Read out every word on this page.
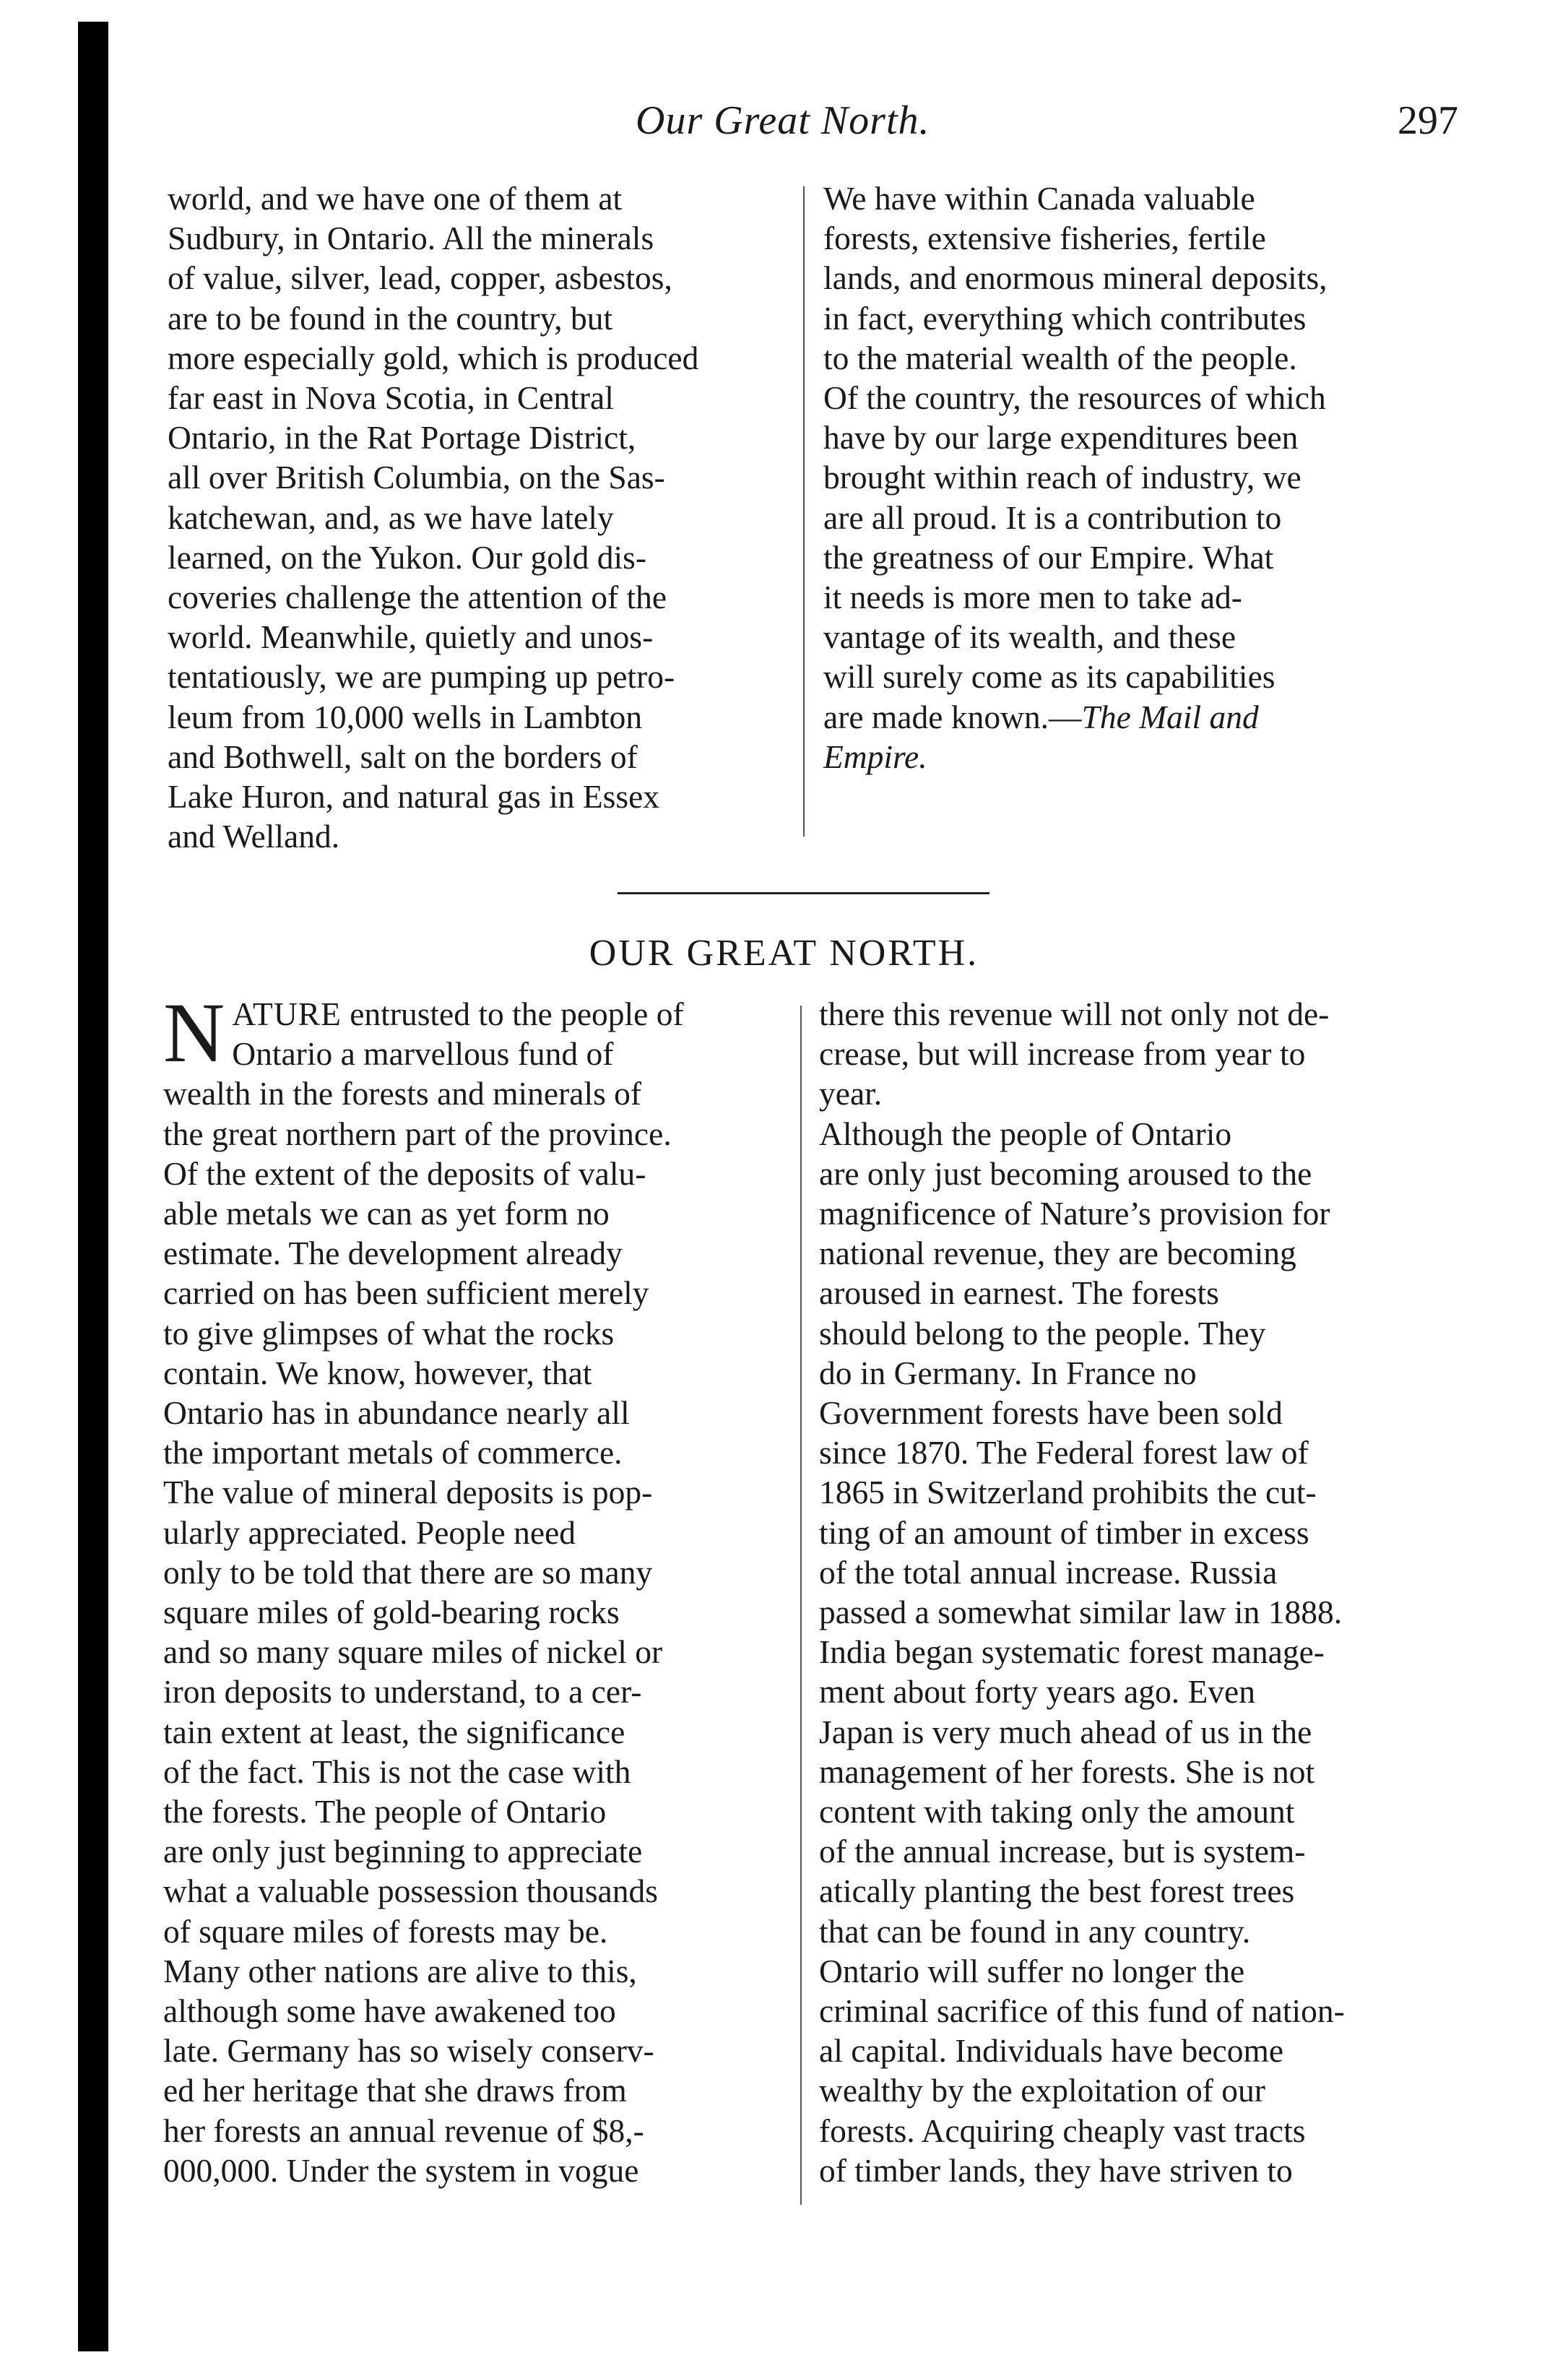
Our Great North.	297
world, and we have one of them at
Sudbury, in Ontario. All the minerals
of value, silver, lead, copper, asbestos,
are to be found in the country, but
more especially gold, which is produced
far east in Nova Scotia, in Central
Ontario, in the Rat Portage District,
all over British Columbia, on the Sas-
katchewan, and, as we have lately
learned, on the Yukon. Our gold dis-
coveries challenge the attention of the
world. Meanwhile, quietly and unos-
tentatiously, we are pumping up petro-
leum from 10,000 wells in Lambton
and Bothwell, salt on the borders of
Lake Huron, and natural gas in Essex
and Welland.
We have within Canada valuable
forests, extensive fisheries, fertile
lands, and enormous mineral deposits,
in fact, everything which contributes
to the material wealth of the people.
Of the country, the resources of which
have by our large expenditures been
brought within reach of industry, we
are all proud. It is a contribution to
the greatness of our Empire. What
it needs is more men to take ad-
vantage of its wealth, and these
will surely come as its capabilities
are made known.—The Mail and
Empire.
OUR GREAT NORTH.
NATURE entrusted to the people of
Ontario a marvellous fund of
wealth in the forests and minerals of
the great northern part of the province.
Of the extent of the deposits of valu-
able metals we can as yet form no
estimate. The development already
carried on has been sufficient merely
to give glimpses of what the rocks
contain. We know, however, that
Ontario has in abundance nearly all
the important metals of commerce.
The value of mineral deposits is pop-
ularly appreciated. People need
only to be told that there are so many
square miles of gold-bearing rocks
and so many square miles of nickel or
iron deposits to understand, to a cer-
tain extent at least, the significance
of the fact. This is not the case with
the forests. The people of Ontario
are only just beginning to appreciate
what a valuable possession thousands
of square miles of forests may be.
Many other nations are alive to this,
although some have awakened too
late. Germany has so wisely conserv-
ed her heritage that she draws from
her forests an annual revenue of $8,-
000,000. Under the system in vogue
there this revenue will not only not de-
crease, but will increase from year to
year.
Although the people of Ontario
are only just becoming aroused to the
magnificence of Nature’s provision for
national revenue, they are becoming
aroused in earnest. The forests
should belong to the people. They
do in Germany. In France no
Government forests have been sold
since 1870. The Federal forest law of
1865 in Switzerland prohibits the cut-
ting of an amount of timber in excess
of the total annual increase. Russia
passed a somewhat similar law in 1888.
India began systematic forest manage-
ment about forty years ago. Even
Japan is very much ahead of us in the
management of her forests. She is not
content with taking only the amount
of the annual increase, but is system-
atically planting the best forest trees
that can be found in any country.
Ontario will suffer no longer the
criminal sacrifice of this fund of nation-
al capital. Individuals have become
wealthy by the exploitation of our
forests. Acquiring cheaply vast tracts
of timber lands, they have striven to
